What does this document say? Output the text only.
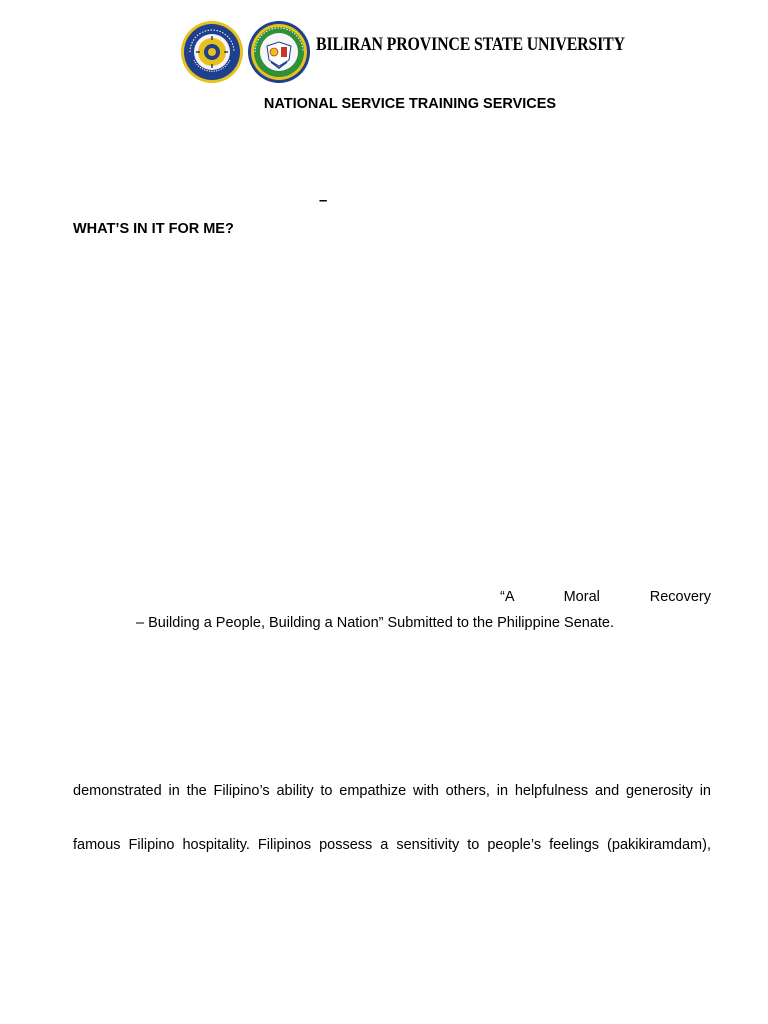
BILIRAN PROVINCE STATE UNIVERSITY
NATIONAL SERVICE TRAINING SERVICES
–
WHAT’S IN IT FOR ME?
“A Moral Recovery
– Building a People, Building a Nation” Submitted to the Philippine Senate.
demonstrated in the Filipino’s ability to empathize with others, in helpfulness and generosity in
famous Filipino hospitality. Filipinos possess a sensitivity to people’s feelings (pakikiramdam),
